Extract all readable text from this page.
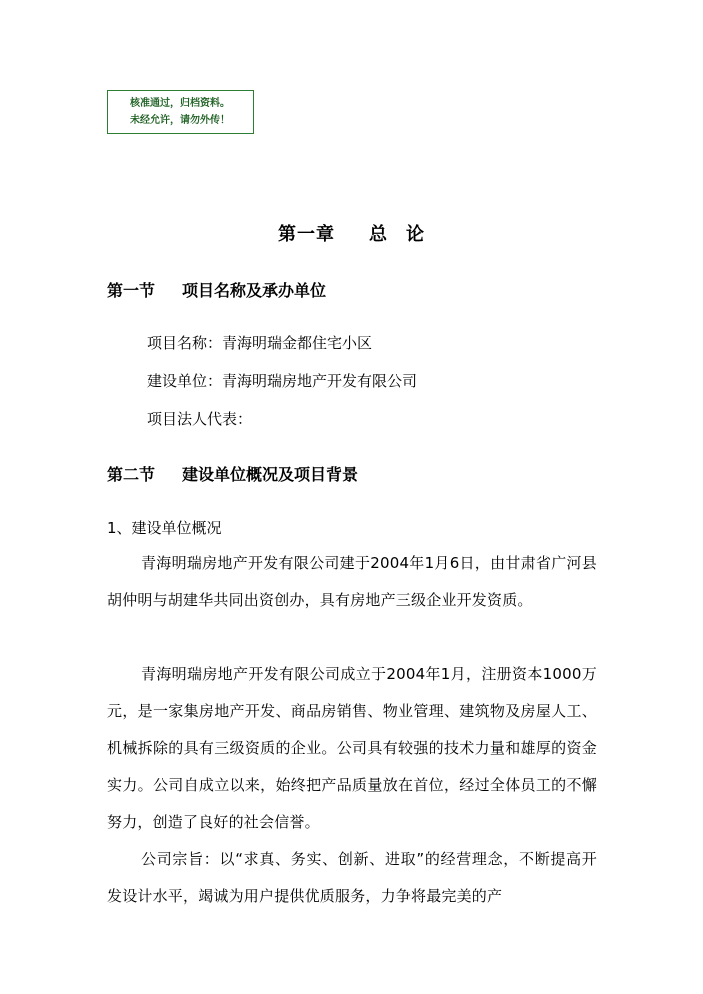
核准通过，归档资料。
未经允许，请勿外传！
第一章 总 论
第一节 项目名称及承办单位
项目名称：青海明瑞金都住宅小区
建设单位：青海明瑞房地产开发有限公司
项目法人代表：
第二节 建设单位概况及项目背景
1、建设单位概况
青海明瑞房地产开发有限公司建于2004年1月6日，由甘肃省广河县胡仲明与胡建华共同出资创办，具有房地产三级企业开发资质。
青海明瑞房地产开发有限公司成立于2004年1月，注册资本1000万元，是一家集房地产开发、商品房销售、物业管理、建筑物及房屋人工、机械拆除的具有三级资质的企业。公司具有较强的技术力量和雄厚的资金实力。公司自成立以来，始终把产品质量放在首位，经过全体员工的不懈努力，创造了良好的社会信誉。
公司宗旨：以“求真、务实、创新、进取”的经营理念，不断提高开发设计水平，竭诚为用户提供优质服务，力争将最完美的产
